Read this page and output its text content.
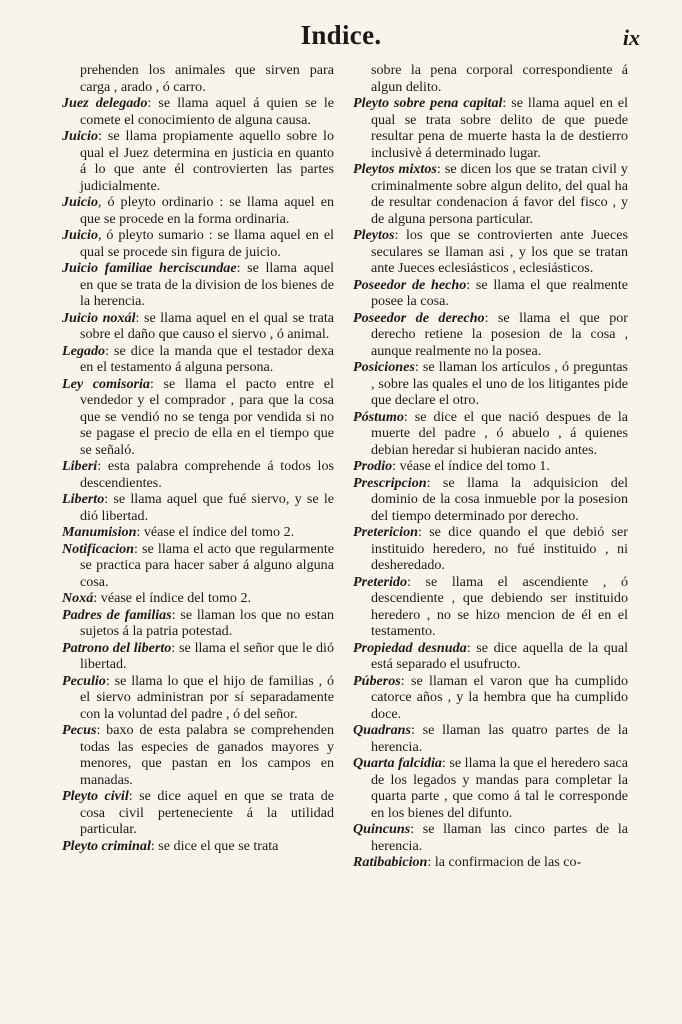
Indice.	ix

prehenden los animales que sirven para carga , arado , ó carro.

Juez delegado: se llama aquel á quien se le comete el conocimiento de alguna causa.

Juicio: se llama propiamente aquello sobre lo qual el Juez determina en justicia en quanto á lo que ante él controvierten las partes judicialmente.

Juicio, ó pleyto ordinario : se llama aquel en que se procede en la forma ordinaria.

Juicio, ó pleyto sumario : se llama aquel en el qual se procede sin figura de juicio.

Juicio familiae herciscundae: se llama aquel en que se trata de la division de los bienes de la herencia.

Juicio noxál: se llama aquel en el qual se trata sobre el daño que causo el siervo , ó animal.

Legado: se dice la manda que el testador dexa en el testamento á alguna persona.

Ley comisoria: se llama el pacto entre el vendedor y el comprador , para que la cosa que se vendió no se tenga por vendida si no se pagase el precio de ella en el tiempo que se señaló.

Liberi: esta palabra comprehende á todos los descendientes.

Liberto: se llama aquel que fué siervo, y se le dió libertad.

Manumision: véase el índice del tomo 2.

Notificacion: se llama el acto que regularmente se practica para hacer saber á alguno alguna cosa.

Noxá: véase el índice del tomo 2.

Padres de familias: se llaman los que no estan sujetos á la patria potestad.

Patrono del liberto: se llama el señor que le dió libertad.

Peculio: se llama lo que el hijo de familias , ó el siervo administran por sí separadamente con la voluntad del padre , ó del señor.

Pecus: baxo de esta palabra se comprehenden todas las especies de ganados mayores y menores, que pastan en los campos en manadas.

Pleyto civil: se dice aquel en que se trata de cosa civil perteneciente á la utilidad particular.

Pleyto criminal: se dice el que se trata

sobre la pena corporal correspondiente á algun delito.

Pleyto sobre pena capital: se llama aquel en el qual se trata sobre delito de que puede resultar pena de muerte hasta la de destierro inclusivè á determinado lugar.

Pleytos mixtos: se dicen los que se tratan civil y criminalmente sobre algun delito, del qual ha de resultar condenacion á favor del fisco , y de alguna persona particular.

Pleytos: los que se controvierten ante Jueces seculares se llaman asi , y los que se tratan ante Jueces eclesiásticos , eclesiásticos.

Poseedor de hecho: se llama el que realmente posee la cosa.

Poseedor de derecho: se llama el que por derecho retiene la posesion de la cosa , aunque realmente no la posea.

Posiciones: se llaman los artículos , ó preguntas , sobre las quales el uno de los litigantes pide que declare el otro.

Póstumo: se dice el que nació despues de la muerte del padre , ó abuelo , á quienes debian heredar si hubieran nacido antes.

Prodio: véase el índice del tomo 1.

Prescripcion: se llama la adquisicion del dominio de la cosa inmueble por la posesion del tiempo determinado por derecho.

Pretericion: se dice quando el que debió ser instituido heredero, no fué instituido , ni desheredado.

Preterido: se llama el ascendiente , ó descendiente , que debiendo ser instituido heredero , no se hizo mencion de él en el testamento.

Propiedad desnuda: se dice aquella de la qual está separado el usufructo.

Púberos: se llaman el varon que ha cumplido catorce años , y la hembra que ha cumplido doce.

Quadrans: se llaman las quatro partes de la herencia.

Quarta falcidia: se llama la que el heredero saca de los legados y mandas para completar la quarta parte , que como á tal le corresponde en los bienes del difunto.

Quincuns: se llaman las cinco partes de la herencia.

Ratibabicion: la confirmacion de las co-
